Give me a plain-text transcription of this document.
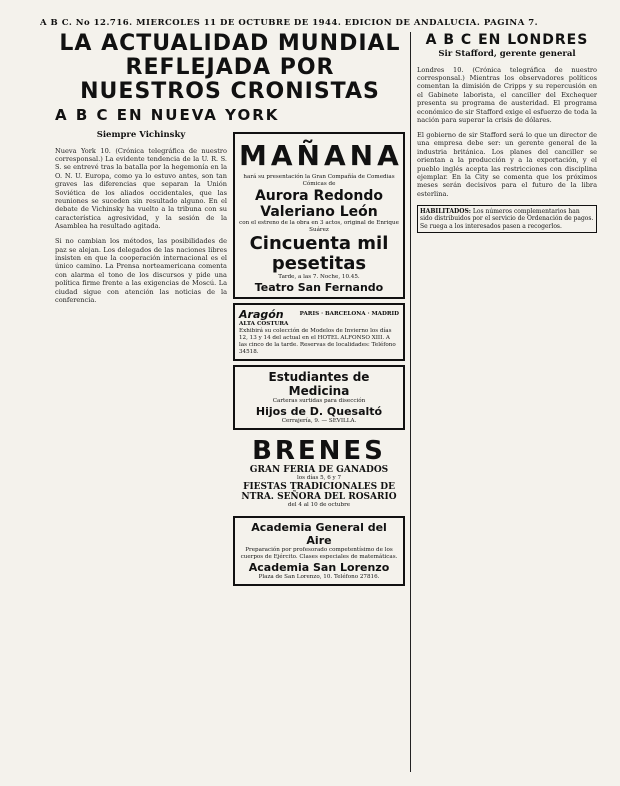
A B C. No 12.716. MIERCOLES 11 DE OCTUBRE DE 1944. EDICION DE ANDALUCIA. PAGINA 7.
LA ACTUALIDAD MUNDIAL REFLEJADA POR NUESTROS CRONISTAS
A B C EN NUEVA YORK
Siempre Vichinsky

Nueva York 10. (Crónica telegráfica de nuestro corresponsal.) La evidente tendencia de la U. R. S. S. se entrevé tras la batalla por la hegemonía en la O. N. U. Europa, como ya lo estuvo antes, son tan graves las diferencias que separan la Unión Soviética de los aliados occidentales, que las reuniones se suceden sin resultado alguno. En el debate de Vichinsky ha vuelto a la tribuna con su característica agresividad, y la sesión de la Asamblea ha resultado agitada.

Si no cambian los métodos, las posibilidades de paz se alejan. Los delegados de las naciones libres insisten en que la cooperación internacional es el único camino. La Prensa norteamericana comenta con alarma el tono de los discursos y pide una política firme frente a las exigencias de Moscú. La ciudad sigue con atención las noticias de la conferencia.

MAÑANA
hará su presentación la Gran Compañía de Comedias Cómicas de
Aurora Redondo
Valeriano León
con el estreno de la obra en 3 actos, original de Enrique Suárez
Cincuenta mil pesetitas
Tarde, a las 7. Noche, 10.45.
Teatro San Fernando
Aragón	PARIS · BARCELONA · MADRID
ALTA COSTURA
Exhibirá su colección de Modelos de Invierno los días 12, 13 y 14 del actual en el HOTEL ALFONSO XIII. A las cinco de la tarde. Reservas de localidades: Teléfono 34518.
Estudiantes de Medicina
Carteras surtidas para disección
Hijos de D. Quesaltó
Cerrajería, 9. — SEVILLA.
BRENES
GRAN FERIA DE GANADOS
los días 5, 6 y 7
FIESTAS TRADICIONALES DE NTRA. SEÑORA DEL ROSARIO
del 4 al 10 de octubre
Academia General del Aire
Preparación por profesorado competentísimo de los cuerpos de Ejército. Clases especiales de matemáticas.
Academia San Lorenzo
Plaza de San Lorenzo, 10. Teléfono 27816.
A B C EN LONDRES
Sir Stafford, gerente general

Londres 10. (Crónica telegráfica de nuestro corresponsal.) Mientras los observadores políticos comentan la dimisión de Cripps y su repercusión en el Gabinete laborista, el canciller del Exchequer presenta su programa de austeridad. El programa económico de sir Stafford exige el esfuerzo de toda la nación para superar la crisis de dólares.

El gobierno de sir Stafford será lo que un director de una empresa debe ser: un gerente general de la industria británica. Los planes del canciller se orientan a la producción y a la exportación, y el pueblo inglés acepta las restricciones con disciplina ejemplar. En la City se comenta que los próximos meses serán decisivos para el futuro de la libra esterlina.

HABILITADOS: Los números complementarios han sido distribuidos por el servicio de Ordenación de pagos. Se ruega a los interesados pasen a recogerlos.
